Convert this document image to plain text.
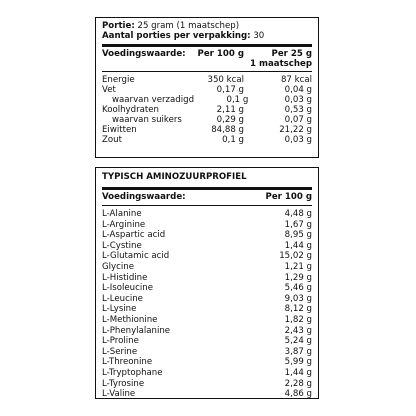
Portie: 25 gram (1 maatschep)
Aantal porties per verpakking: 30
Voedingswaarde:	Per 100 g	Per 25 g
1 maatschep
Energie	350 kcal	87 kcal
Vet	0,17 g	0,04 g
waarvan verzadigd	0,1 g	0,03 g
Koolhydraten	2,11 g	0,53 g
waarvan suikers	0,29 g	0,07 g
Eiwitten	84,88 g	21,22 g
Zout	0,1 g	0,03 g
TYPISCH AMINOZUURPROFIEL
Voedingswaarde:	Per 100 g
L-Alanine	4,48 g
L-Arginine	1,67 g
L-Aspartic acid	8,95 g
L-Cystine	1,44 g
L-Glutamic acid	15,02 g
Glycine	1,21 g
L-Histidine	1,29 g
L-Isoleucine	5,46 g
L-Leucine	9,03 g
L-Lysine	8,12 g
L-Methionine	1,82 g
L-Phenylalanine	2,43 g
L-Proline	5,24 g
L-Serine	3,87 g
L-Threonine	5,99 g
L-Tryptophane	1,44 g
L-Tyrosine	2,28 g
L-Valine	4,86 g
